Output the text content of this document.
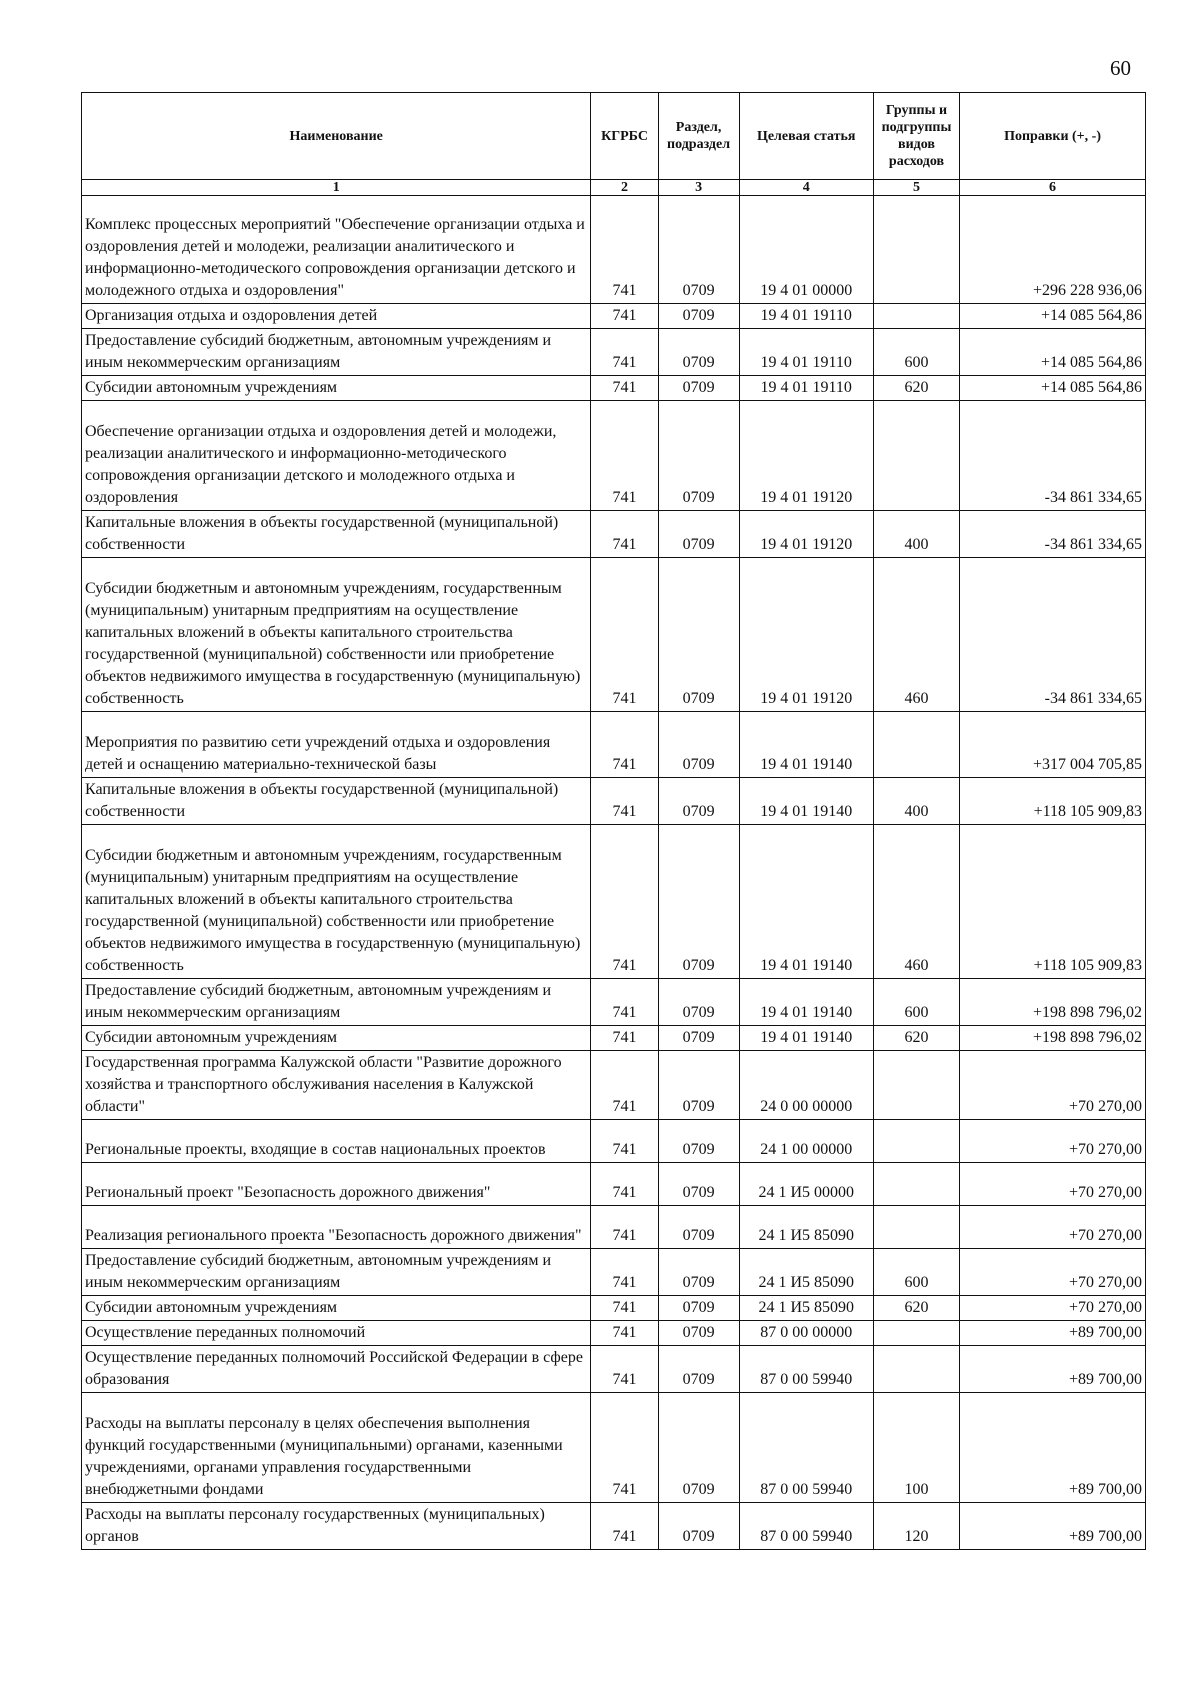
60
Наименование	КГРБС	Раздел, подраздел	Целевая статья	Группы и подгруппы видов расходов	Поправки (+, -)
1	2	3	4	5	6
Комплекс процессных мероприятий "Обеспечение организации отдыха и оздоровления детей и молодежи, реализации аналитического и информационно-методического сопровождения организации детского и молодежного отдыха и оздоровления"	741	0709	19 4 01 00000		+296 228 936,06
Организация отдыха и оздоровления детей	741	0709	19 4 01 19110		+14 085 564,86
Предоставление субсидий бюджетным, автономным учреждениям и иным некоммерческим организациям	741	0709	19 4 01 19110	600	+14 085 564,86
Субсидии автономным учреждениям	741	0709	19 4 01 19110	620	+14 085 564,86
Обеспечение организации отдыха и оздоровления детей и молодежи, реализации аналитического и информационно-методического сопровождения организации детского и молодежного отдыха и оздоровления	741	0709	19 4 01 19120		-34 861 334,65
Капитальные вложения в объекты государственной (муниципальной) собственности	741	0709	19 4 01 19120	400	-34 861 334,65
Субсидии бюджетным и автономным учреждениям, государственным (муниципальным) унитарным предприятиям на осуществление капитальных вложений в объекты капитального строительства государственной (муниципальной) собственности или приобретение объектов недвижимого имущества в государственную (муниципальную) собственность	741	0709	19 4 01 19120	460	-34 861 334,65
Мероприятия по развитию сети учреждений отдыха и оздоровления детей и оснащению материально-технической базы	741	0709	19 4 01 19140		+317 004 705,85
Капитальные вложения в объекты государственной (муниципальной) собственности	741	0709	19 4 01 19140	400	+118 105 909,83
Субсидии бюджетным и автономным учреждениям, государственным (муниципальным) унитарным предприятиям на осуществление капитальных вложений в объекты капитального строительства государственной (муниципальной) собственности или приобретение объектов недвижимого имущества в государственную (муниципальную) собственность	741	0709	19 4 01 19140	460	+118 105 909,83
Предоставление субсидий бюджетным, автономным учреждениям и иным некоммерческим организациям	741	0709	19 4 01 19140	600	+198 898 796,02
Субсидии автономным учреждениям	741	0709	19 4 01 19140	620	+198 898 796,02
Государственная программа Калужской области "Развитие дорожного хозяйства и транспортного обслуживания населения в Калужской области"	741	0709	24 0 00 00000		+70 270,00
Региональные проекты, входящие в состав национальных проектов	741	0709	24 1 00 00000		+70 270,00
Региональный проект "Безопасность дорожного движения"	741	0709	24 1 И5 00000		+70 270,00
Реализация регионального проекта "Безопасность дорожного движения"	741	0709	24 1 И5 85090		+70 270,00
Предоставление субсидий бюджетным, автономным учреждениям и иным некоммерческим организациям	741	0709	24 1 И5 85090	600	+70 270,00
Субсидии автономным учреждениям	741	0709	24 1 И5 85090	620	+70 270,00
Осуществление переданных полномочий	741	0709	87 0 00 00000		+89 700,00
Осуществление переданных полномочий Российской Федерации в сфере образования	741	0709	87 0 00 59940		+89 700,00
Расходы на выплаты персоналу в целях обеспечения выполнения функций государственными (муниципальными) органами, казенными учреждениями, органами управления государственными внебюджетными фондами	741	0709	87 0 00 59940	100	+89 700,00
Расходы на выплаты персоналу государственных (муниципальных) органов	741	0709	87 0 00 59940	120	+89 700,00
